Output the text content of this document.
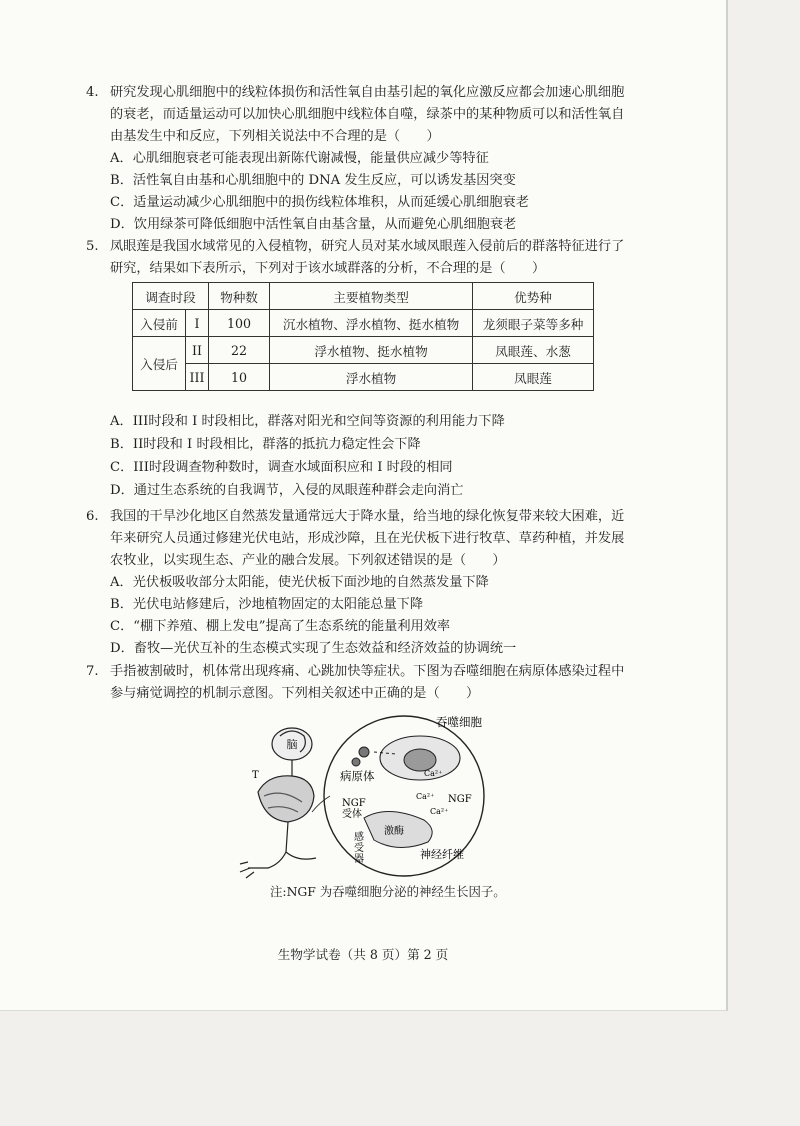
4. 研究发现心肌细胞中的线粒体损伤和活性氧自由基引起的氧化应激反应都会加速心肌细胞的衰老，而适量运动可以加快心肌细胞中线粒体自噬，绿茶中的某种物质可以和活性氧自由基发生中和反应，下列相关说法中不合理的是（　　）
A．心肌细胞衰老可能表现出新陈代谢减慢，能量供应减少等特征
B．活性氧自由基和心肌细胞中的 DNA 发生反应，可以诱发基因突变
C．适量运动减少心肌细胞中的损伤线粒体堆积，从而延缓心肌细胞衰老
D．饮用绿茶可降低细胞中活性氧自由基含量，从而避免心肌细胞衰老
5. 凤眼莲是我国水域常见的入侵植物，研究人员对某水域凤眼莲入侵前后的群落特征进行了研究，结果如下表所示，下列对于该水域群落的分析，不合理的是（　　）
调查时段		物种数	主要植物类型	优势种
入侵前	I	100	沉水植物、浮水植物、挺水植物	龙须眼子菜等多种
入侵后	II	22	浮水植物、挺水植物	凤眼莲、水葱
	III	10	浮水植物	凤眼莲
A．III时段和 I 时段相比，群落对阳光和空间等资源的利用能力下降
B．II时段和 I 时段相比，群落的抵抗力稳定性会下降
C．III时段调查物种数时，调查水域面积应和 I 时段的相同
D．通过生态系统的自我调节，入侵的凤眼莲种群会走向消亡
6. 我国的干旱沙化地区自然蒸发量通常远大于降水量，给当地的绿化恢复带来较大困难，近年来研究人员通过修建光伏电站，形成沙障，且在光伏板下进行牧草、草药种植，并发展农牧业，以实现生态、产业的融合发展。下列叙述错误的是（　　）
A．光伏板吸收部分太阳能，使光伏板下面沙地的自然蒸发量下降
B．光伏电站修建后，沙地植物固定的太阳能总量下降
C．“棚下养殖、棚上发电”提高了生态系统的能量利用效率
D．畜牧—光伏互补的生态模式实现了生态效益和经济效益的协调统一
7. 手指被割破时，机体常出现疼痛、心跳加快等症状。下图为吞噬细胞在病原体感染过程中参与痛觉调控的机制示意图。下列相关叙述中正确的是（　　）
脑
T
吞噬细胞
Ca²⁺
Ca²⁺
Ca²⁺
病原体
NGF 受体
NGF
激酶
感受器	神经纤维
注:NGF 为吞噬细胞分泌的神经生长因子。
生物学试卷（共 8 页）第 2 页
